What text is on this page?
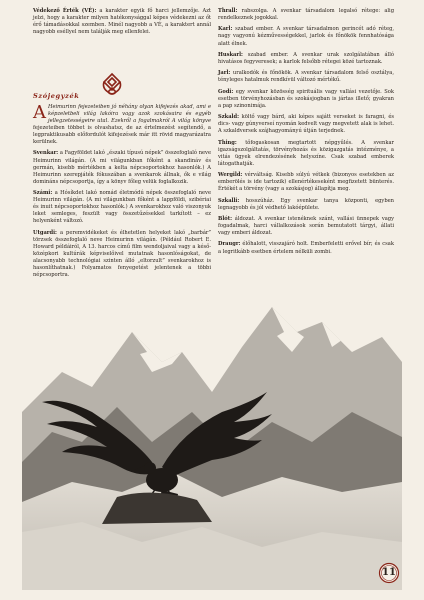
Védekező Érték (VÉ): a karakter egyik fő harci jellemzője. Azt jelzi, hogy a karakter milyen hatékonysággal képes védekezni az őt érő támadásokkal szemben. Minél nagyobb a VÉ, a karaktert annál nagyobb eséllyel nem találják meg ellenfelei.

Szójegyzék

A Heimurinn fejezeteiben jó néhány olyan kifejezés akad, ami e képzeletbeli világ lakóira vagy azok szokásaira és egyéb jellegzetességeire utal. Ezekről a fogalmakról A világ könyve fejezeteiben többet is olvashatsz, de az értelmezést segítendő, a legpraktikusabb előfordulót kifejezések már itt rövid magyarázatra kerülnek.

Svenkar: a Fagyföldet lakó „északi típusú népek” összefoglaló neve Heimurinn világán. (A mi világunkban főként a skandináv és germán, kisebb mértékben a kelta népcsoportokhoz hasonlók.) A Heimurinn szerepjáték fókuszában a svenkarok állnak, ők e világ domináns népcsoportja, így a könyv főleg velük foglalkozik.

Számi: a Hósíkdet lakó nomád életmódú népek összefoglaló neve Heimurinn világán. (A mi világunkban főként a lappföldi, szibériai és inuit népcsoportokhoz hasonlók.) A svenkarokhoz való viszonyuk leket semleges, feszült vagy összetűzésekkel tarkított – ez helyenként változó.

Utgardi: a peremvidékeket és élhetetlen helyeket lakó „barbár” törzsek összefoglaló neve Heimurinn világán. (Például Robert E. Howard példáiról, A 13. harcos című film wendoljaival vagy a késő-középkori kultúrák képviselőivel mutatnak hasonlóságokat, de alacsonyabb technológiai szinten álló „eltorzult” svenkarokhoz is hasonlíthatnak.) Folyamatos fenyegetést jelentenek a többi népcsoportra.

Thrall: rabszolga. A svenkar társadalom legalsó rétege: alig rendelkeznek jogokkal.

Karl: szabad ember. A svenkar társadalmon gerincét adó réteg, nagy vagyonú kézművességekkel, jarlok és főnökök fennhatósága alatt élnek.

Huskarl: szabad ember. A svenkar urak szolgálatában álló hivatásos fegyveresek; a karlok felsőbb rétegei közé tartoznak.

Jarl: uralkodók és főnökök. A svenkar társadalom felső osztálya, tényleges hatalmuk rendkívül változó mértékű.

Godi: egy svenkar közösség spirituális vagy vallási vezetője. Sok esetben törvényhozásban és szokásjogban is jártas illető; gyakran a pap szinonimája.

Szkald: költő vagy bárd, aki képes sajátt verseket is faragni, és dics- vagy gúnyverseí nyomán kedvelt vagy megvetett alak is lehet. A szkaldversek szájhagyományú útján terjednek.

Thing: tőfogaskosan megtartott népgyűlés. A svenkar igazságszolgáltatás, törvényhozás és közigazgatás intézménye, a vitás ügyek elrendezésének helyszíne. Csak szabad emberek látogathatják.

Wergild: vérváltság. Kisebb súlyú vétkek (bizonyos esetekben az emberölés is ide tartozik) ellenértékeseként megfizetett bünterés. Értékét a törvény (vagy a szokásjog) állapítja meg.

Szkalli: hosszúház. Egy svenkar tanya központi, egyben legnagyobb és jól védhető lakóépülete.

Blót: áldozat. A svenkar istenéknek szánt, vallási ünnepek vagy fogadalmak, harci vállalkozások során bemutatott tárgyi, állati vagy emberi áldozat.

Draugr: élőhalott, visszajáró holt. Emberfeletti erővel bír; és csak a legritkább esetben értelem nélküli zombi.

11
